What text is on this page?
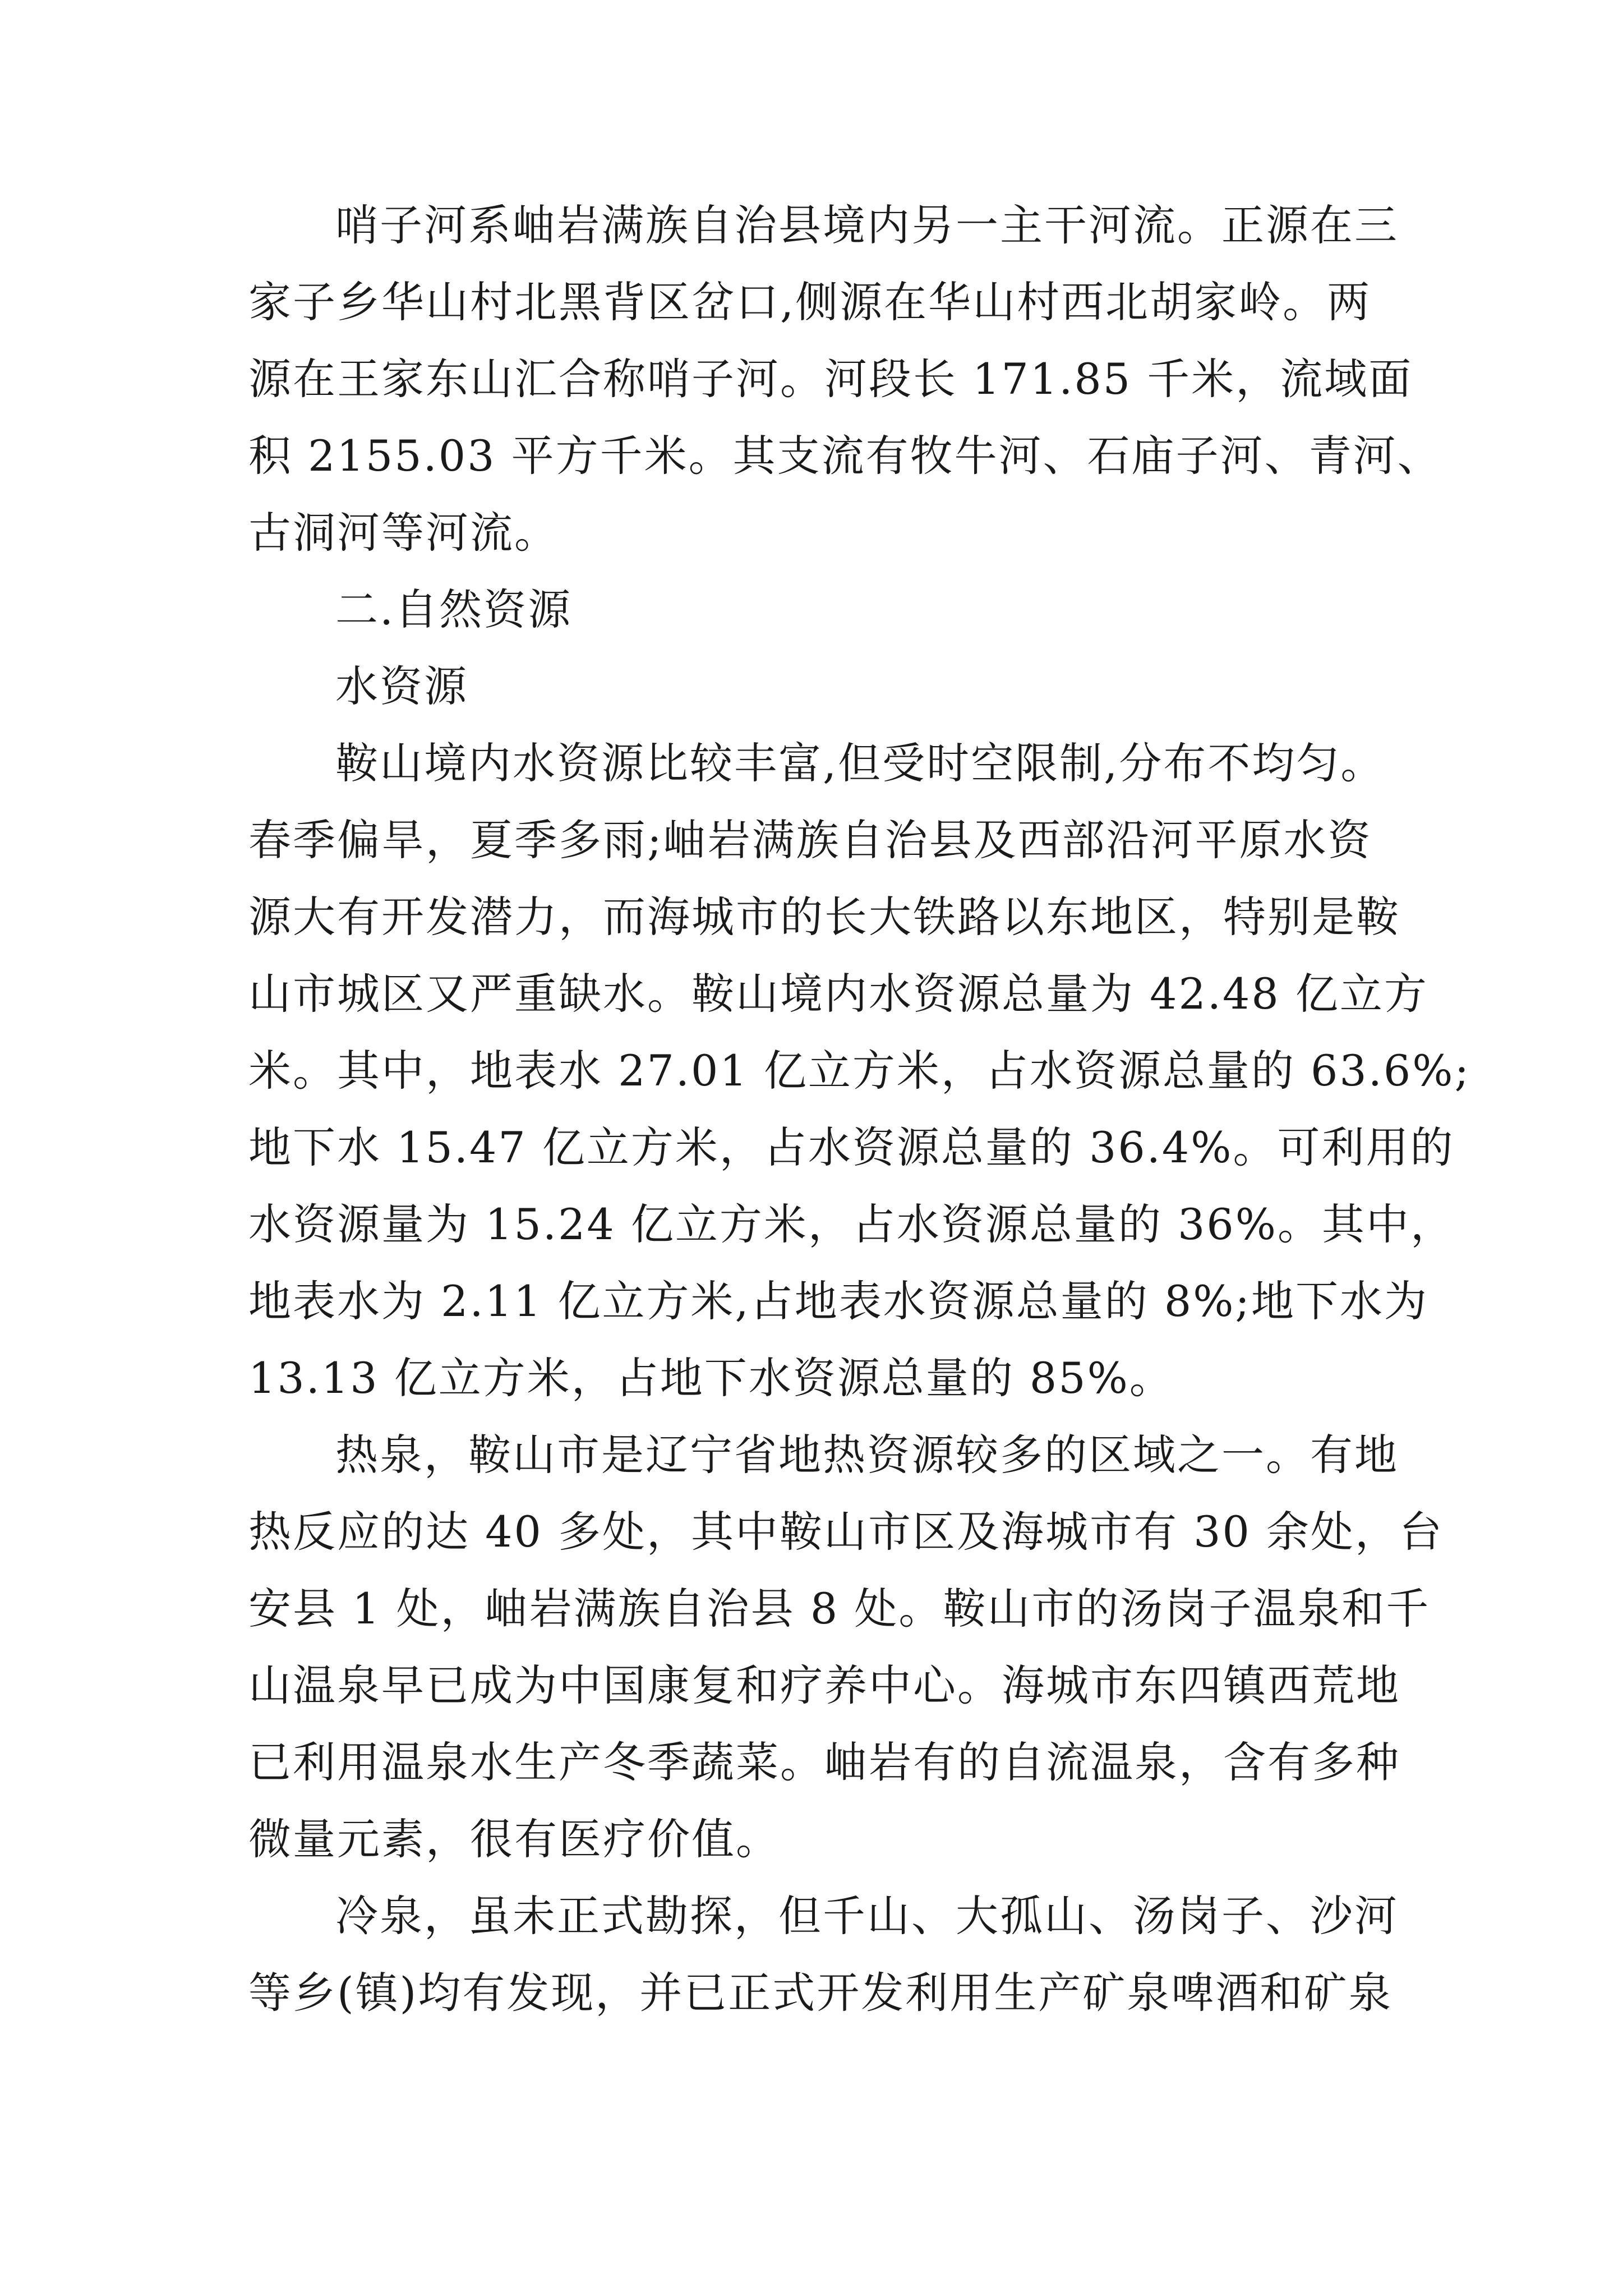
哨子河系岫岩满族自治县境内另一主干河流。正源在三
家子乡华山村北黑背区岔口,侧源在华山村西北胡家岭。两
源在王家东山汇合称哨子河。河段长 171.85 千米，流域面
积 2155.03 平方千米。其支流有牧牛河、石庙子河、青河、
古洞河等河流。
二.自然资源
水资源
鞍山境内水资源比较丰富,但受时空限制,分布不均匀。
春季偏旱，夏季多雨;岫岩满族自治县及西部沿河平原水资
源大有开发潜力，而海城市的长大铁路以东地区，特别是鞍
山市城区又严重缺水。鞍山境内水资源总量为 42.48 亿立方
米。其中，地表水 27.01 亿立方米，占水资源总量的 63.6%;
地下水 15.47 亿立方米，占水资源总量的 36.4%。可利用的
水资源量为 15.24 亿立方米，占水资源总量的 36%。其中，
地表水为 2.11 亿立方米,占地表水资源总量的 8%;地下水为
13.13 亿立方米，占地下水资源总量的 85%。
热泉，鞍山市是辽宁省地热资源较多的区域之一。有地
热反应的达 40 多处，其中鞍山市区及海城市有 30 余处，台
安县 1 处，岫岩满族自治县 8 处。鞍山市的汤岗子温泉和千
山温泉早已成为中国康复和疗养中心。海城市东四镇西荒地
已利用温泉水生产冬季蔬菜。岫岩有的自流温泉，含有多种
微量元素，很有医疗价值。
冷泉，虽未正式勘探，但千山、大孤山、汤岗子、沙河
等乡(镇)均有发现，并已正式开发利用生产矿泉啤酒和矿泉
